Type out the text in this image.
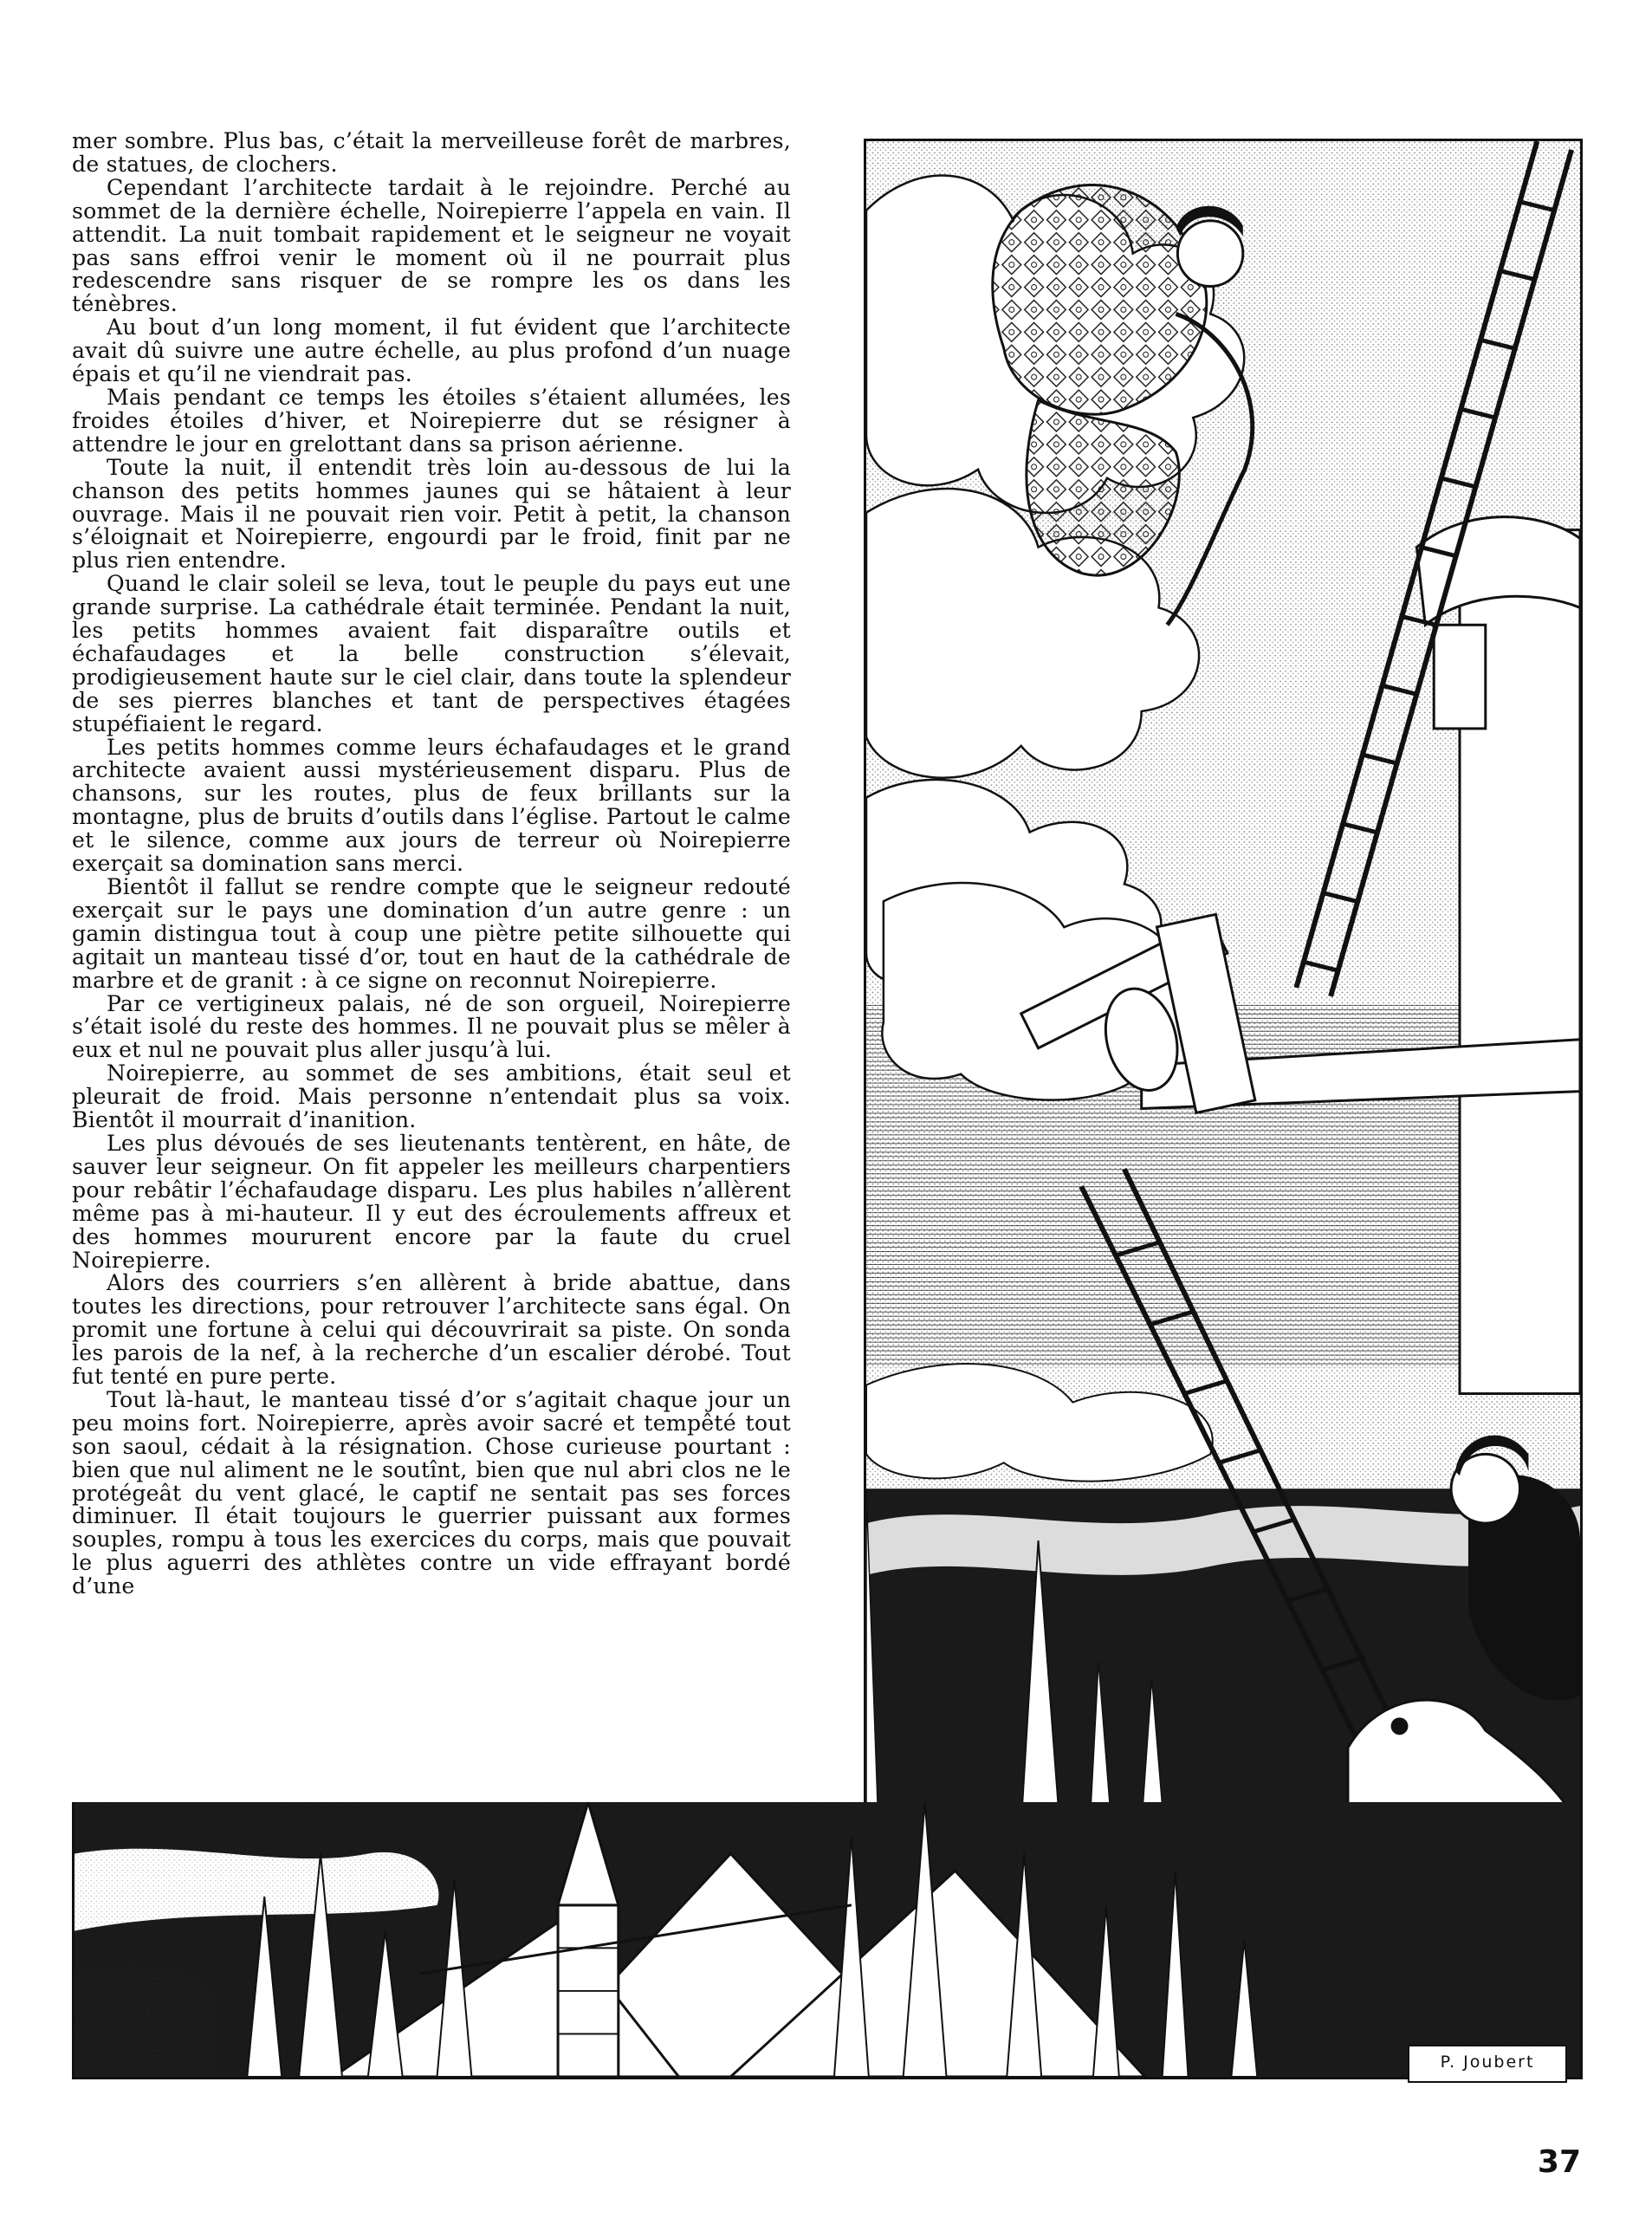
mer sombre. Plus bas, c’était la merveilleuse forêt de marbres, de statues, de clochers.

Cependant l’architecte tardait à le rejoindre. Perché au sommet de la dernière échelle, Noirepierre l’appela en vain. Il attendit. La nuit tombait rapidement et le seigneur ne voyait pas sans effroi venir le moment où il ne pourrait plus redescendre sans risquer de se rompre les os dans les ténèbres.

Au bout d’un long moment, il fut évident que l’architecte avait dû suivre une autre échelle, au plus profond d’un nuage épais et qu’il ne viendrait pas.

Mais pendant ce temps les étoiles s’étaient allumées, les froides étoiles d’hiver, et Noirepierre dut se résigner à attendre le jour en grelottant dans sa prison aérienne.

Toute la nuit, il entendit très loin au-dessous de lui la chanson des petits hommes jaunes qui se hâtaient à leur ouvrage. Mais il ne pouvait rien voir. Petit à petit, la chanson s’éloignait et Noirepierre, engourdi par le froid, finit par ne plus rien entendre.

Quand le clair soleil se leva, tout le peuple du pays eut une grande surprise. La cathédrale était terminée. Pendant la nuit, les petits hommes avaient fait disparaître outils et échafaudages et la belle construction s’élevait, prodigieusement haute sur le ciel clair, dans toute la splendeur de ses pierres blanches et tant de perspectives étagées stupéfiaient le regard.

Les petits hommes comme leurs échafaudages et le grand architecte avaient aussi mystérieusement disparu. Plus de chansons, sur les routes, plus de feux brillants sur la montagne, plus de bruits d’outils dans l’église. Partout le calme et le silence, comme aux jours de terreur où Noirepierre exerçait sa domination sans merci.

Bientôt il fallut se rendre compte que le seigneur redouté exerçait sur le pays une domination d’un autre genre : un gamin distingua tout à coup une piètre petite silhouette qui agitait un manteau tissé d’or, tout en haut de la cathédrale de marbre et de granit : à ce signe on reconnut Noirepierre.

Par ce vertigineux palais, né de son orgueil, Noirepierre s’était isolé du reste des hommes. Il ne pouvait plus se mêler à eux et nul ne pouvait plus aller jusqu’à lui.

Noirepierre, au sommet de ses ambitions, était seul et pleurait de froid. Mais personne n’entendait plus sa voix. Bientôt il mourrait d’inanition.

Les plus dévoués de ses lieutenants tentèrent, en hâte, de sauver leur seigneur. On fit appeler les meilleurs charpentiers pour rebâtir l’échafaudage disparu. Les plus habiles n’allèrent même pas à mi-hauteur. Il y eut des écroulements affreux et des hommes moururent encore par la faute du cruel Noirepierre.

Alors des courriers s’en allèrent à bride abattue, dans toutes les directions, pour retrouver l’architecte sans égal. On promit une fortune à celui qui découvrirait sa piste. On sonda les parois de la nef, à la recherche d’un escalier dérobé. Tout fut tenté en pure perte.

Tout là-haut, le manteau tissé d’or s’agitait chaque jour un peu moins fort. Noirepierre, après avoir sacré et tempêté tout son saoul, cédait à la résignation. Chose curieuse pourtant : bien que nul aliment ne le soutînt, bien que nul abri clos ne le protégeât du vent glacé, le captif ne sentait pas ses forces diminuer. Il était toujours le guerrier puissant aux formes souples, rompu à tous les exercices du corps, mais que pouvait le plus aguerri des athlètes contre un vide effrayant bordé d’une

P. Joubert
37
